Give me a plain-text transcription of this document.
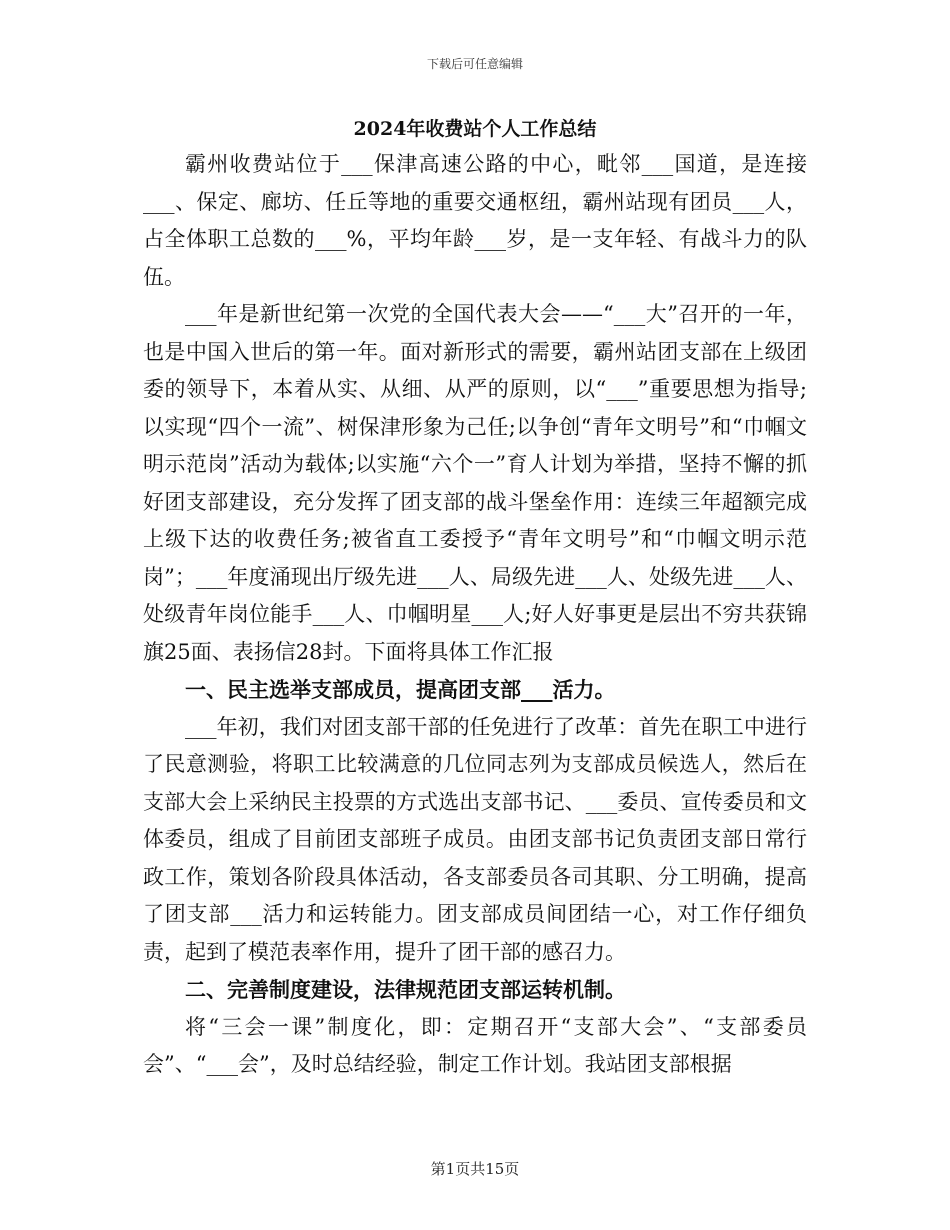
下载后可任意编辑
2024年收费站个人工作总结

霸州收费站位于___保津高速公路的中心，毗邻___国道，是连接___、保定、廊坊、任丘等地的重要交通枢纽，霸州站现有团员___人，占全体职工总数的___%，平均年龄___岁，是一支年轻、有战斗力的队伍。

___年是新世纪第一次党的全国代表大会——“___大”召开的一年，也是中国入世后的第一年。面对新形式的需要，霸州站团支部在上级团委的领导下，本着从实、从细、从严的原则，以“___”重要思想为指导;以实现“四个一流”、树保津形象为己任;以争创“青年文明号”和“巾帼文明示范岗”活动为载体;以实施“六个一”育人计划为举措，坚持不懈的抓好团支部建设，充分发挥了团支部的战斗堡垒作用：连续三年超额完成上级下达的收费任务;被省直工委授予“青年文明号”和“巾帼文明示范岗”；___年度涌现出厅级先进___人、局级先进___人、处级先进___人、处级青年岗位能手___人、巾帼明星___人;好人好事更是层出不穷共获锦旗25面、表扬信28封。下面将具体工作汇报

一、民主选举支部成员，提高团支部___活力。

___年初，我们对团支部干部的任免进行了改革：首先在职工中进行了民意测验，将职工比较满意的几位同志列为支部成员候选人，然后在支部大会上采纳民主投票的方式选出支部书记、___委员、宣传委员和文体委员，组成了目前团支部班子成员。由团支部书记负责团支部日常行政工作，策划各阶段具体活动，各支部委员各司其职、分工明确，提高了团支部___活力和运转能力。团支部成员间团结一心，对工作仔细负责，起到了模范表率作用，提升了团干部的感召力。

二、完善制度建设，法律规范团支部运转机制。

将“三会一课”制度化，即：定期召开“支部大会”、“支部委员会”、“___会”，及时总结经验，制定工作计划。我站团支部根据

第1页共15页
